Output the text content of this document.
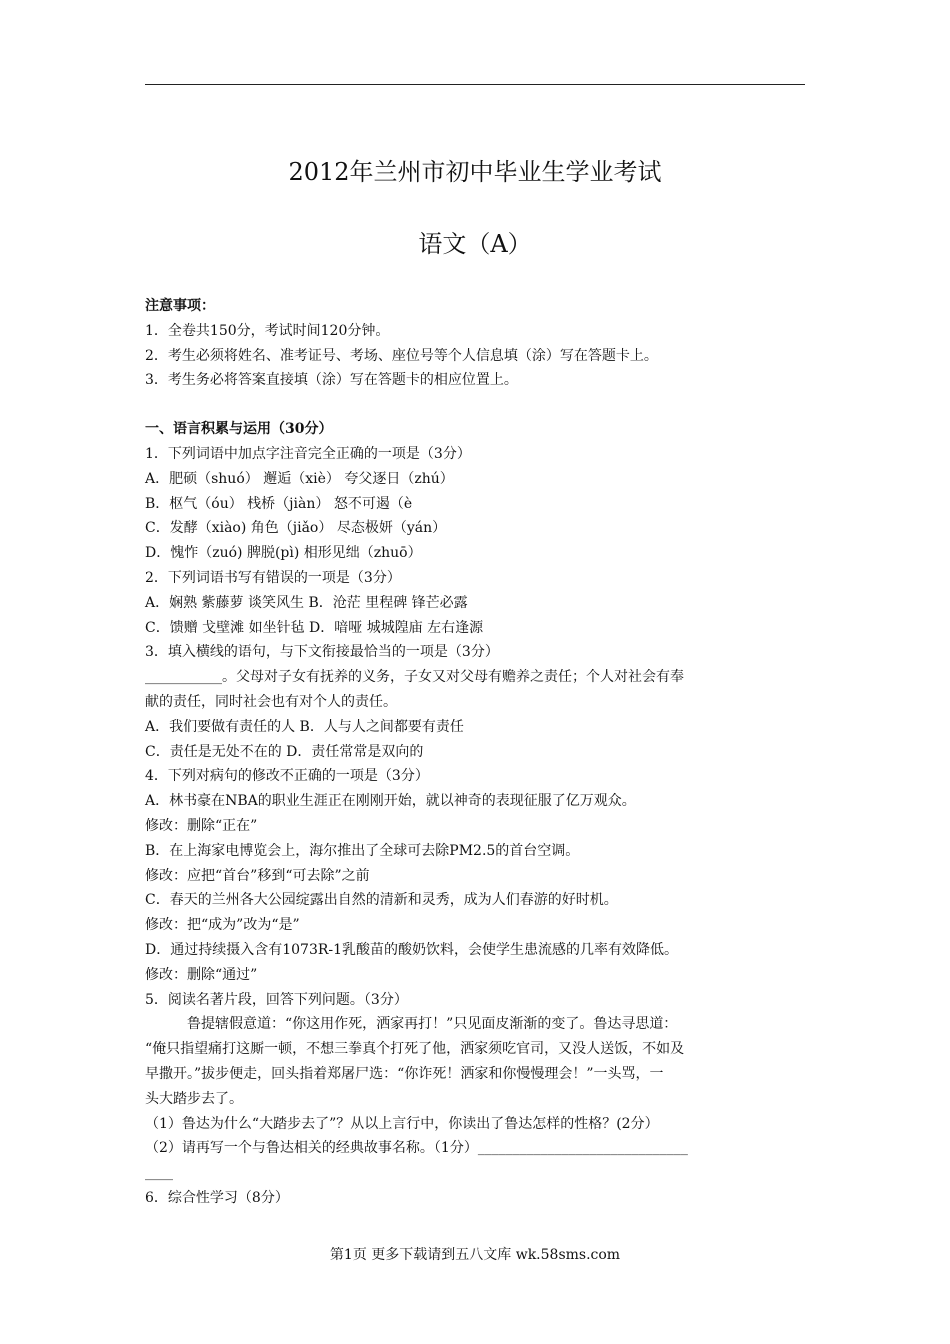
2012年兰州市初中毕业生学业考试
语文（A）
注意事项：
1．全卷共150分，考试时间120分钟。
2．考生必须将姓名、准考证号、考场、座位号等个人信息填（涂）写在答题卡上。
3．考生务必将答案直接填（涂）写在答题卡的相应位置上。
一、语言积累与运用（30分）
1．下列词语中加点字注音完全正确的一项是（3分）
A．肥硕（shuó） 邂逅（xiè） 夸父逐日（zhú）
B．枢气（óu） 栈桥（jiàn） 怒不可遏（è
C．发酵（xiào) 角色（jiǎo） 尽态极妍（yán）
D．愧怍（zuó) 脾脱(pì) 相形见绌（zhuō）
2．下列词语书写有错误的一项是（3分）
A．娴熟 紫藤萝 谈笑风生 B．沧茫 里程碑 锋芒必露
C．馈赠 戈壁滩 如坐针毡 D．喑哑 城城隍庙 左右逢源
3．填入横线的语句，与下文衔接最恰当的一项是（3分）
___________。父母对子女有抚养的义务，子女又对父母有赡养之责任；个人对社会有奉
献的责任，同时社会也有对个人的责任。
A．我们要做有责任的人 B．人与人之间都要有责任
C．责任是无处不在的 D．责任常常是双向的
4．下列对病句的修改不正确的一项是（3分）
A．林书豪在NBA的职业生涯正在刚刚开始，就以神奇的表现征服了亿万观众。
修改：删除“正在”
B．在上海家电博览会上，海尔推出了全球可去除PM2.5的首台空调。
修改：应把“首台”移到“可去除”之前
C．春天的兰州各大公园绽露出自然的清新和灵秀，成为人们春游的好时机。
修改：把“成为”改为“是”
D．通过持续摄入含有1073R-1乳酸苗的酸奶饮料，会使学生患流感的几率有效降低。
修改：删除“通过”
5．阅读名著片段，回答下列问题。（3分）
鲁提辖假意道：“你这用作死，洒家再打！”只见面皮渐渐的变了。鲁达寻思道：
“俺只指望痛打这厮一顿，不想三拳真个打死了他，洒家须吃官司，又没人送饭，不如及
早撒开。”拔步便走，回头指着郑屠尸选：“你诈死！洒家和你慢慢理会！”一头骂，一
头大踏步去了。
（1）鲁达为什么“大踏步去了”？从以上言行中，你读出了鲁达怎样的性格？(2分）
（2）请再写一个与鲁达相关的经典故事名称。（1分）______________________________
____
6．综合性学习（8分）
第1页 更多下载请到五八文库 wk.58sms.com
